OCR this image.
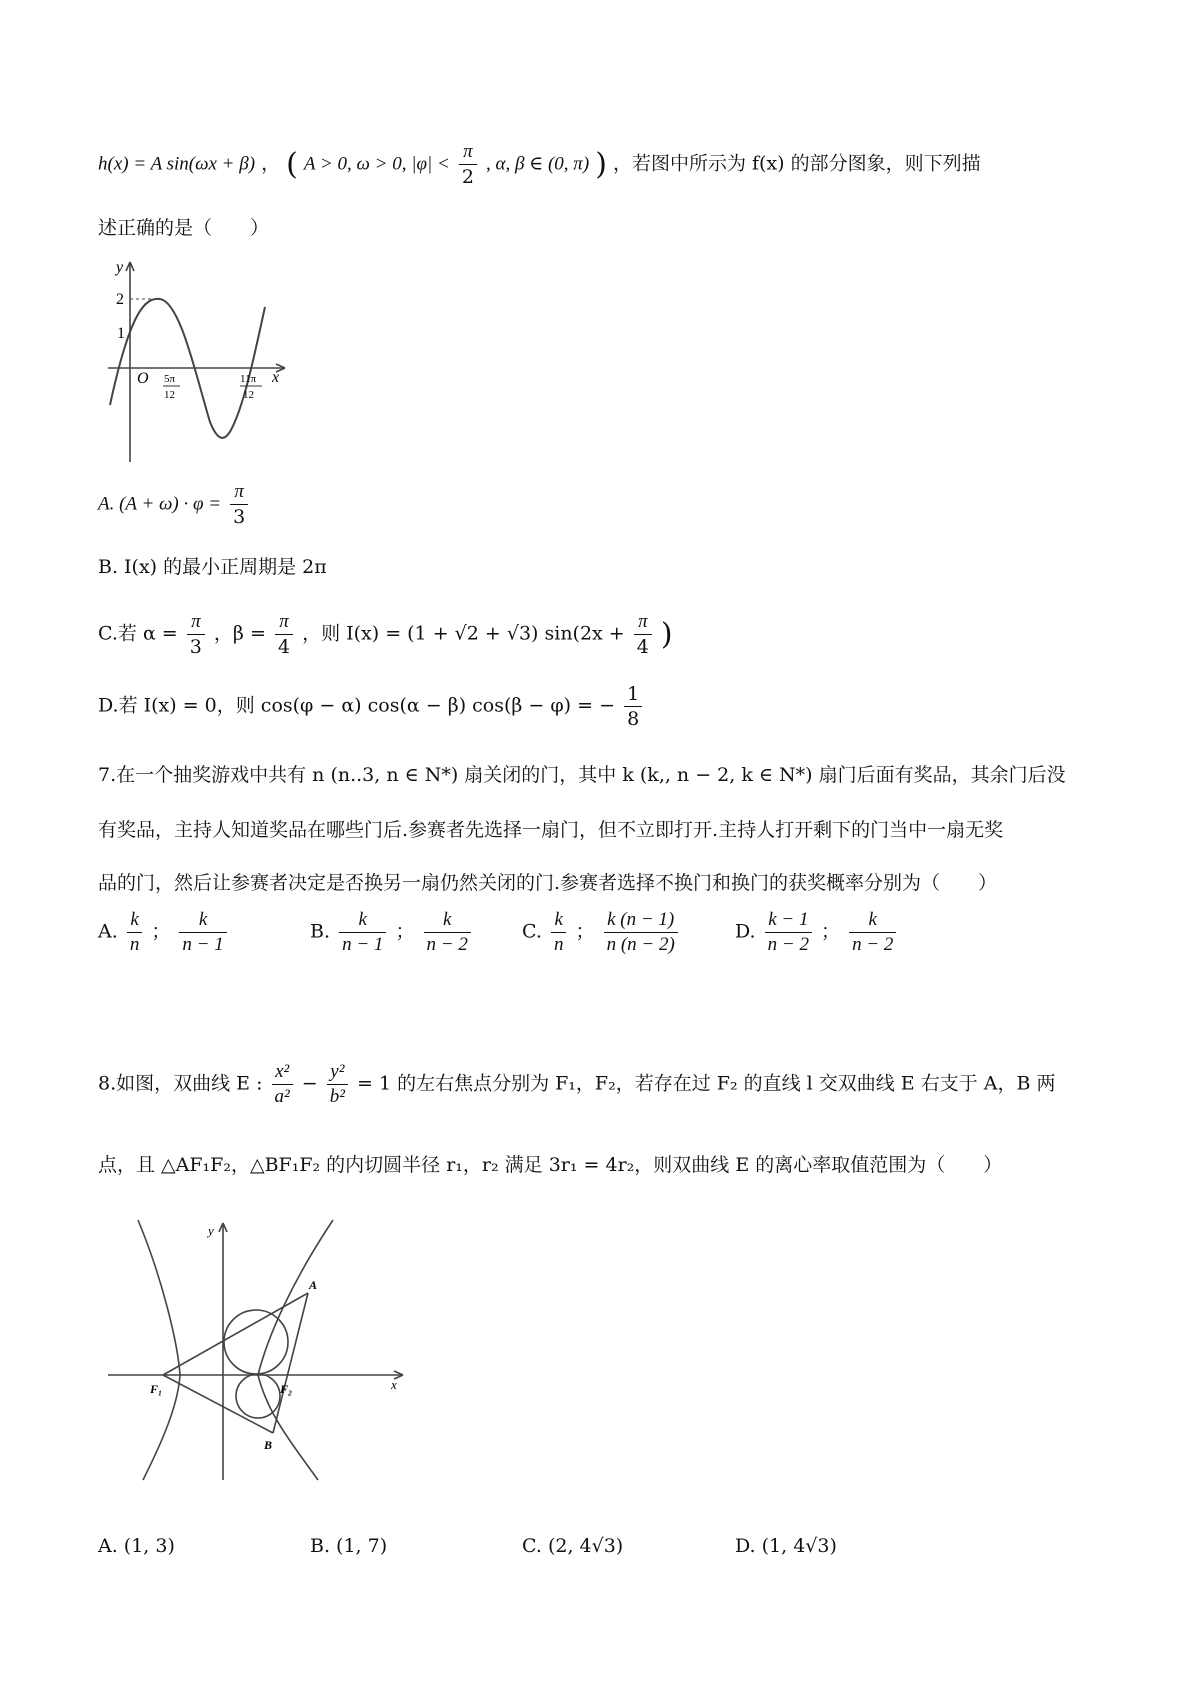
h(x) = A sin(ωx + β) ， ( A > 0, ω > 0, $|\varphi| < \frac{\pi}{2}$ , α, β ∈ (0, π) ) ，若图中所示为 f(x) 的部分图象，则下列描
述正确的是（　　）
y
x
O
2
1
5π
12
11π
12
A. $(A + \omega) \cdot \varphi = \frac{\pi}{3}$
B. I(x) 的最小正周期是 2π
C.若 $\alpha = \frac{\pi}{3}$ ，$\beta = \frac{\pi}{4}$ ，则 I(x) = (1 + √2 + √3) $\sin(2x + \frac{\pi}{4}$ )
D.若 I(x) = 0，则 cos(φ − α) cos(α − β) cos(β − φ) = − $\frac{1}{8}$
7.在一个抽奖游戏中共有 n (n..3, n ∈ N*) 扇关闭的门，其中 k (k,, n − 2, k ∈ N*) 扇门后面有奖品，其余门后没
有奖品，主持人知道奖品在哪些门后.参赛者先选择一扇门，但不立即打开.主持人打开剩下的门当中一扇无奖
品的门，然后让参赛者决定是否换另一扇仍然关闭的门.参赛者选择不换门和换门的获奖概率分别为（　　）
A. $\frac{k}{n}$ ； $\frac{k}{n - 1}$	B. $\frac{k}{n - 1}$ ； $\frac{k}{n - 2}$	C. $\frac{k}{n}$ ； $\frac{k (n - 1)}{n (n - 2)}$	D. $\frac{k - 1}{n - 2}$ ； $\frac{k}{n - 2}$
8.如图，双曲线 E : $\frac{\text{x²}}{\text{a²}} - \frac{\text{y²}}{\text{b²}} = 1$ 的左右焦点分别为 F₁，F₂，若存在过 F₂ 的直线 l 交双曲线 E 右支于 A，B 两
点，且 △AF₁F₂，△BF₁F₂ 的内切圆半径 r₁，r₂ 满足 3r₁ = 4r₂，则双曲线 E 的离心率取值范围为（　　）
A
B
F₁	F₂
y
x
A. (1, 3)	B. (1, 7)	C. (2, 4√3)	D. (1, 4√3)
